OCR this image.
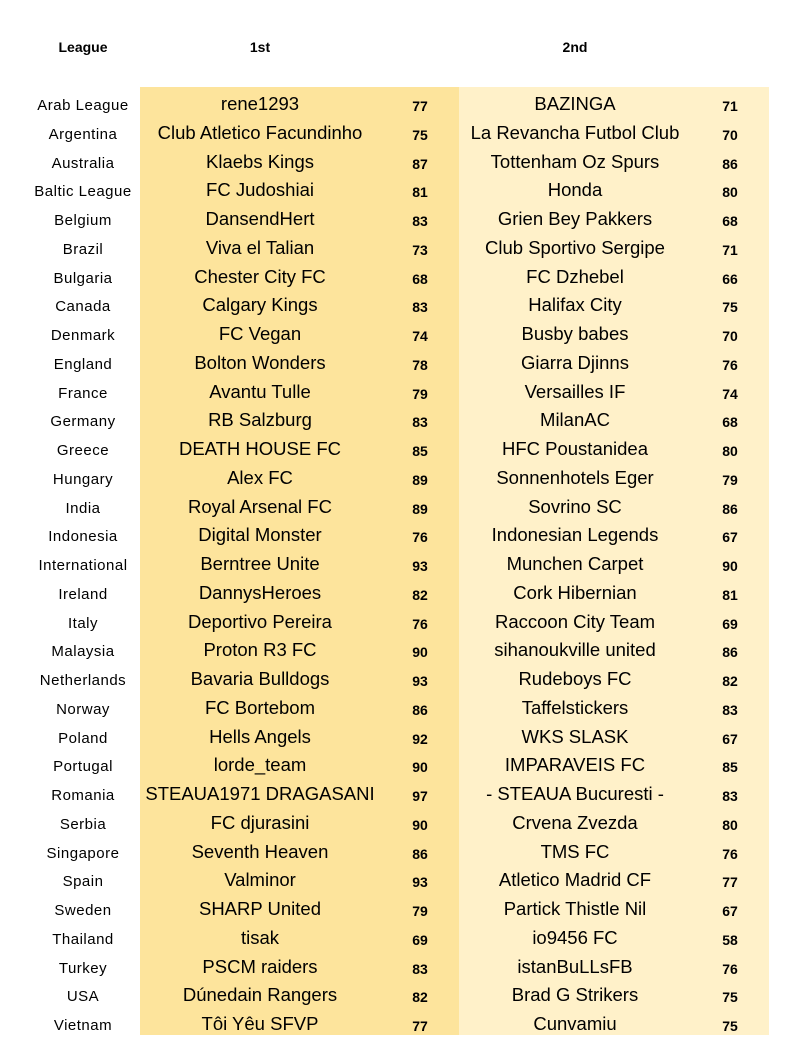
League	1st	2nd
Arab League	rene1293	77	BAZINGA	71
Argentina	Club Atletico Facundinho	75	La Revancha Futbol Club	70
Australia	Klaebs Kings	87	Tottenham Oz Spurs	86
Baltic League	FC Judoshiai	81	Honda	80
Belgium	DansendHert	83	Grien Bey Pakkers	68
Brazil	Viva el Talian	73	Club Sportivo Sergipe	71
Bulgaria	Chester City FC	68	FC Dzhebel	66
Canada	Calgary Kings	83	Halifax City	75
Denmark	FC Vegan	74	Busby babes	70
England	Bolton Wonders	78	Giarra Djinns	76
France	Avantu Tulle	79	Versailles IF	74
Germany	RB Salzburg	83	MilanAC	68
Greece	DEATH HOUSE FC	85	HFC Poustanidea	80
Hungary	Alex FC	89	Sonnenhotels Eger	79
India	Royal Arsenal FC	89	Sovrino SC	86
Indonesia	Digital Monster	76	Indonesian Legends	67
International	Berntree Unite	93	Munchen Carpet	90
Ireland	DannysHeroes	82	Cork Hibernian	81
Italy	Deportivo Pereira	76	Raccoon City Team	69
Malaysia	Proton R3 FC	90	sihanoukville united	86
Netherlands	Bavaria Bulldogs	93	Rudeboys FC	82
Norway	FC Bortebom	86	Taffelstickers	83
Poland	Hells Angels	92	WKS SLASK	67
Portugal	lorde_team	90	IMPARAVEIS FC	85
Romania	STEAUA1971 DRAGASANI	97	- STEAUA Bucuresti -	83
Serbia	FC djurasini	90	Crvena Zvezda	80
Singapore	Seventh Heaven	86	TMS FC	76
Spain	Valminor	93	Atletico Madrid CF	77
Sweden	SHARP United	79	Partick Thistle Nil	67
Thailand	tisak	69	io9456 FC	58
Turkey	PSCM raiders	83	istanBuLLsFB	76
USA	Dúnedain Rangers	82	Brad G Strikers	75
Vietnam	Tôi Yêu SFVP	77	Cunvamiu	75
